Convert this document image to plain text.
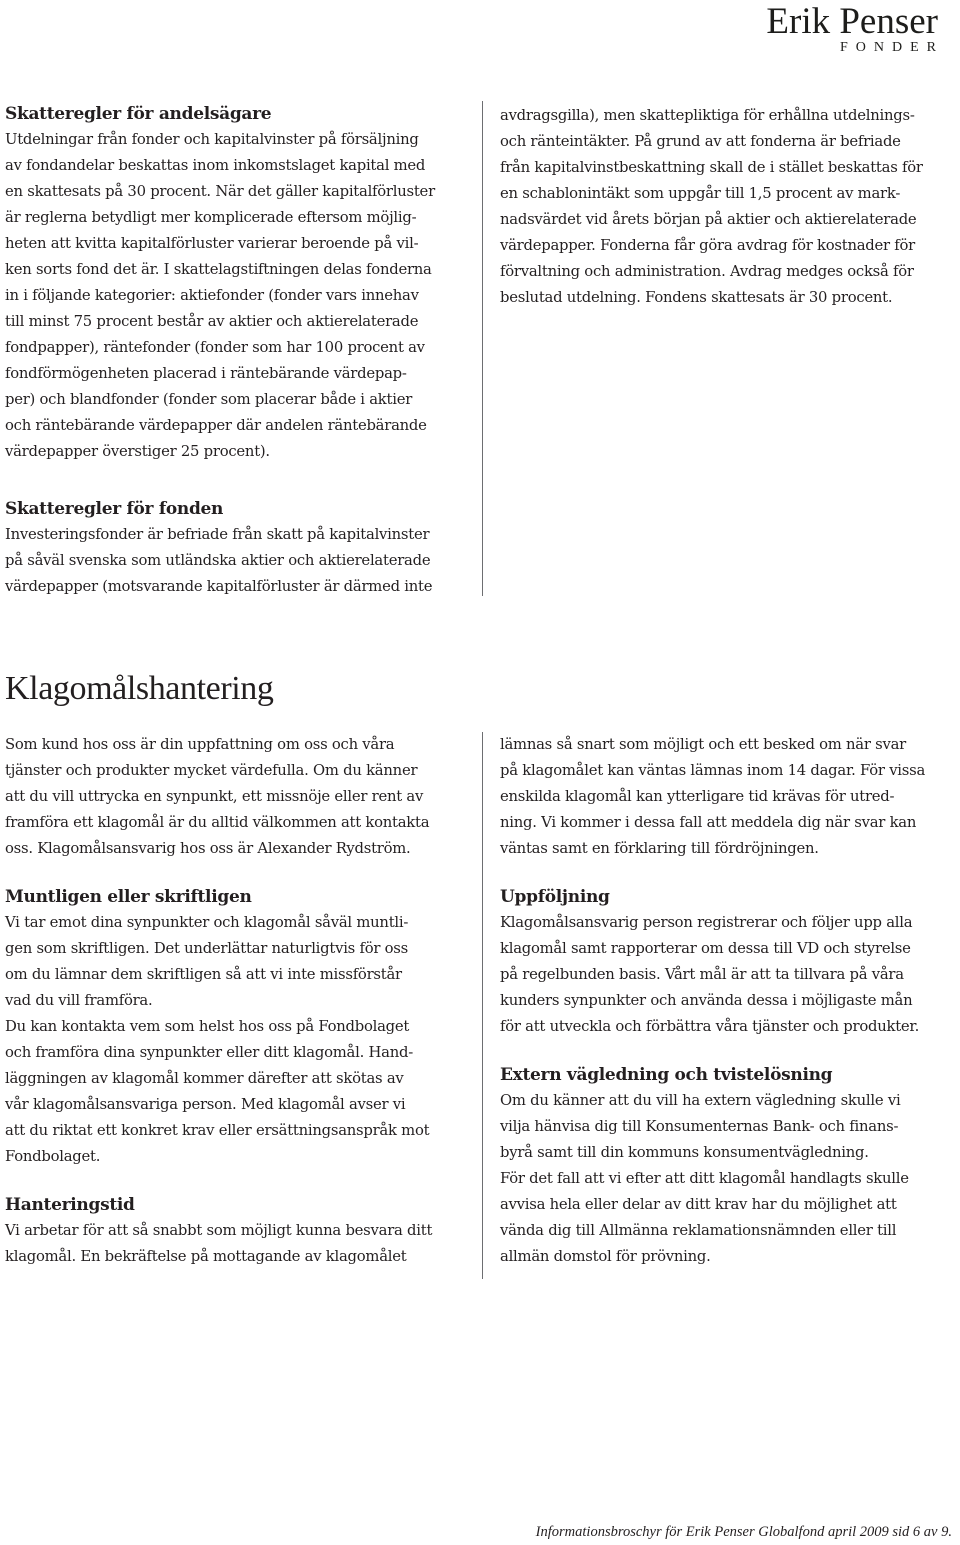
Erik Penser
FONDER
Skatteregler för andelsägare

Utdelningar från fonder och kapitalvinster på försäljning
av fondandelar beskattas inom inkomstslaget kapital med
en skattesats på 30 procent. När det gäller kapitalförluster
är reglerna betydligt mer komplicerade eftersom möjlig-
heten att kvitta kapitalförluster varierar beroende på vil-
ken sorts fond det är. I skattelagstiftningen delas fonderna
in i följande kategorier: aktiefonder (fonder vars innehav
till minst 75 procent består av aktier och aktierelaterade
fondpapper), räntefonder (fonder som har 100 procent av
fondförmögenheten placerad i räntebärande värdepap-
per) och blandfonder (fonder som placerar både i aktier
och räntebärande värdepapper där andelen räntebärande
värdepapper överstiger 25 procent).

Skatteregler för fonden

Investeringsfonder är befriade från skatt på kapitalvinster
på såväl svenska som utländska aktier och aktierelaterade
värdepapper (motsvarande kapitalförluster är därmed inte

avdragsgilla), men skattepliktiga för erhållna utdelnings-
och ränteintäkter. På grund av att fonderna är befriade
från kapitalvinstbeskattning skall de i stället beskattas för
en schablonintäkt som uppgår till 1,5 procent av mark-
nadsvärdet vid årets början på aktier och aktierelaterade
värdepapper. Fonderna får göra avdrag för kostnader för
förvaltning och administration. Avdrag medges också för
beslutad utdelning. Fondens skattesats är 30 procent.

Klagomålshantering

Som kund hos oss är din uppfattning om oss och våra
tjänster och produkter mycket värdefulla. Om du känner
att du vill uttrycka en synpunkt, ett missnöje eller rent av
framföra ett klagomål är du alltid välkommen att kontakta
oss. Klagomålsansvarig hos oss är Alexander Rydström.

Muntligen eller skriftligen

Vi tar emot dina synpunkter och klagomål såväl muntli-
gen som skriftligen. Det underlättar naturligtvis för oss
om du lämnar dem skriftligen så att vi inte missförstår
vad du vill framföra.
Du kan kontakta vem som helst hos oss på Fondbolaget
och framföra dina synpunkter eller ditt klagomål. Hand-
läggningen av klagomål kommer därefter att skötas av
vår klagomålsansvariga person. Med klagomål avser vi
att du riktat ett konkret krav eller ersättningsanspråk mot
Fondbolaget.

Hanteringstid

Vi arbetar för att så snabbt som möjligt kunna besvara ditt
klagomål. En bekräftelse på mottagande av klagomålet

lämnas så snart som möjligt och ett besked om när svar
på klagomålet kan väntas lämnas inom 14 dagar. För vissa
enskilda klagomål kan ytterligare tid krävas för utred-
ning. Vi kommer i dessa fall att meddela dig när svar kan
väntas samt en förklaring till fördröjningen.

Uppföljning

Klagomålsansvarig person registrerar och följer upp alla
klagomål samt rapporterar om dessa till VD och styrelse
på regelbunden basis. Vårt mål är att ta tillvara på våra
kunders synpunkter och använda dessa i möjligaste mån
för att utveckla och förbättra våra tjänster och produkter.

Extern vägledning och tvistelösning

Om du känner att du vill ha extern vägledning skulle vi
vilja hänvisa dig till Konsumenternas Bank- och finans-
byrå samt till din kommuns konsumentvägledning.
För det fall att vi efter att ditt klagomål handlagts skulle
avvisa hela eller delar av ditt krav har du möjlighet att
vända dig till Allmänna reklamationsnämnden eller till
allmän domstol för prövning.

Informationsbroschyr för Erik Penser Globalfond april 2009 sid 6 av 9.
